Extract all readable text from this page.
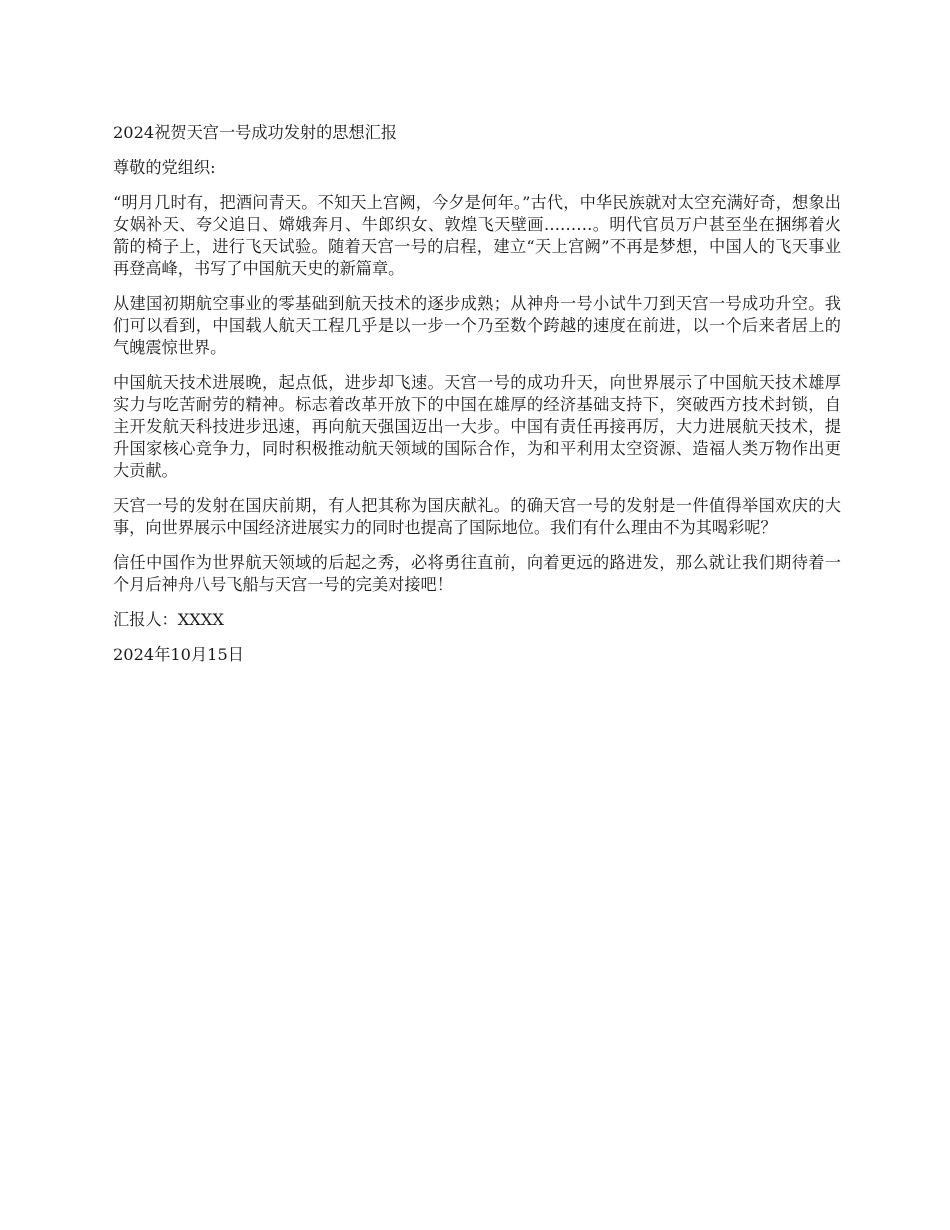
2024祝贺天宫一号成功发射的思想汇报

尊敬的党组织:

“明月几时有，把酒问青天。不知天上宫阙，今夕是何年。”古代，中华民族就对太空充满好奇，想象出女娲补天、夸父追日、嫦娥奔月、牛郎织女、敦煌飞天壁画………。明代官员万户甚至坐在捆绑着火箭的椅子上，进行飞天试验。随着天宫一号的启程，建立“天上宫阙”不再是梦想，中国人的飞天事业再登高峰，书写了中国航天史的新篇章。

从建国初期航空事业的零基础到航天技术的逐步成熟；从神舟一号小试牛刀到天宫一号成功升空。我们可以看到，中国载人航天工程几乎是以一步一个乃至数个跨越的速度在前进，以一个后来者居上的气魄震惊世界。

中国航天技术进展晚，起点低，进步却飞速。天宫一号的成功升天，向世界展示了中国航天技术雄厚实力与吃苦耐劳的精神。标志着改革开放下的中国在雄厚的经济基础支持下，突破西方技术封锁，自主开发航天科技进步迅速，再向航天强国迈出一大步。中国有责任再接再厉，大力进展航天技术，提升国家核心竞争力，同时积极推动航天领域的国际合作，为和平利用太空资源、造福人类万物作出更大贡献。

天宫一号的发射在国庆前期，有人把其称为国庆献礼。的确天宫一号的发射是一件值得举国欢庆的大事，向世界展示中国经济进展实力的同时也提高了国际地位。我们有什么理由不为其喝彩呢？

信任中国作为世界航天领域的后起之秀，必将勇往直前，向着更远的路进发，那么就让我们期待着一个月后神舟八号飞船与天宫一号的完美对接吧！

汇报人：XXXX

2024年10月15日
